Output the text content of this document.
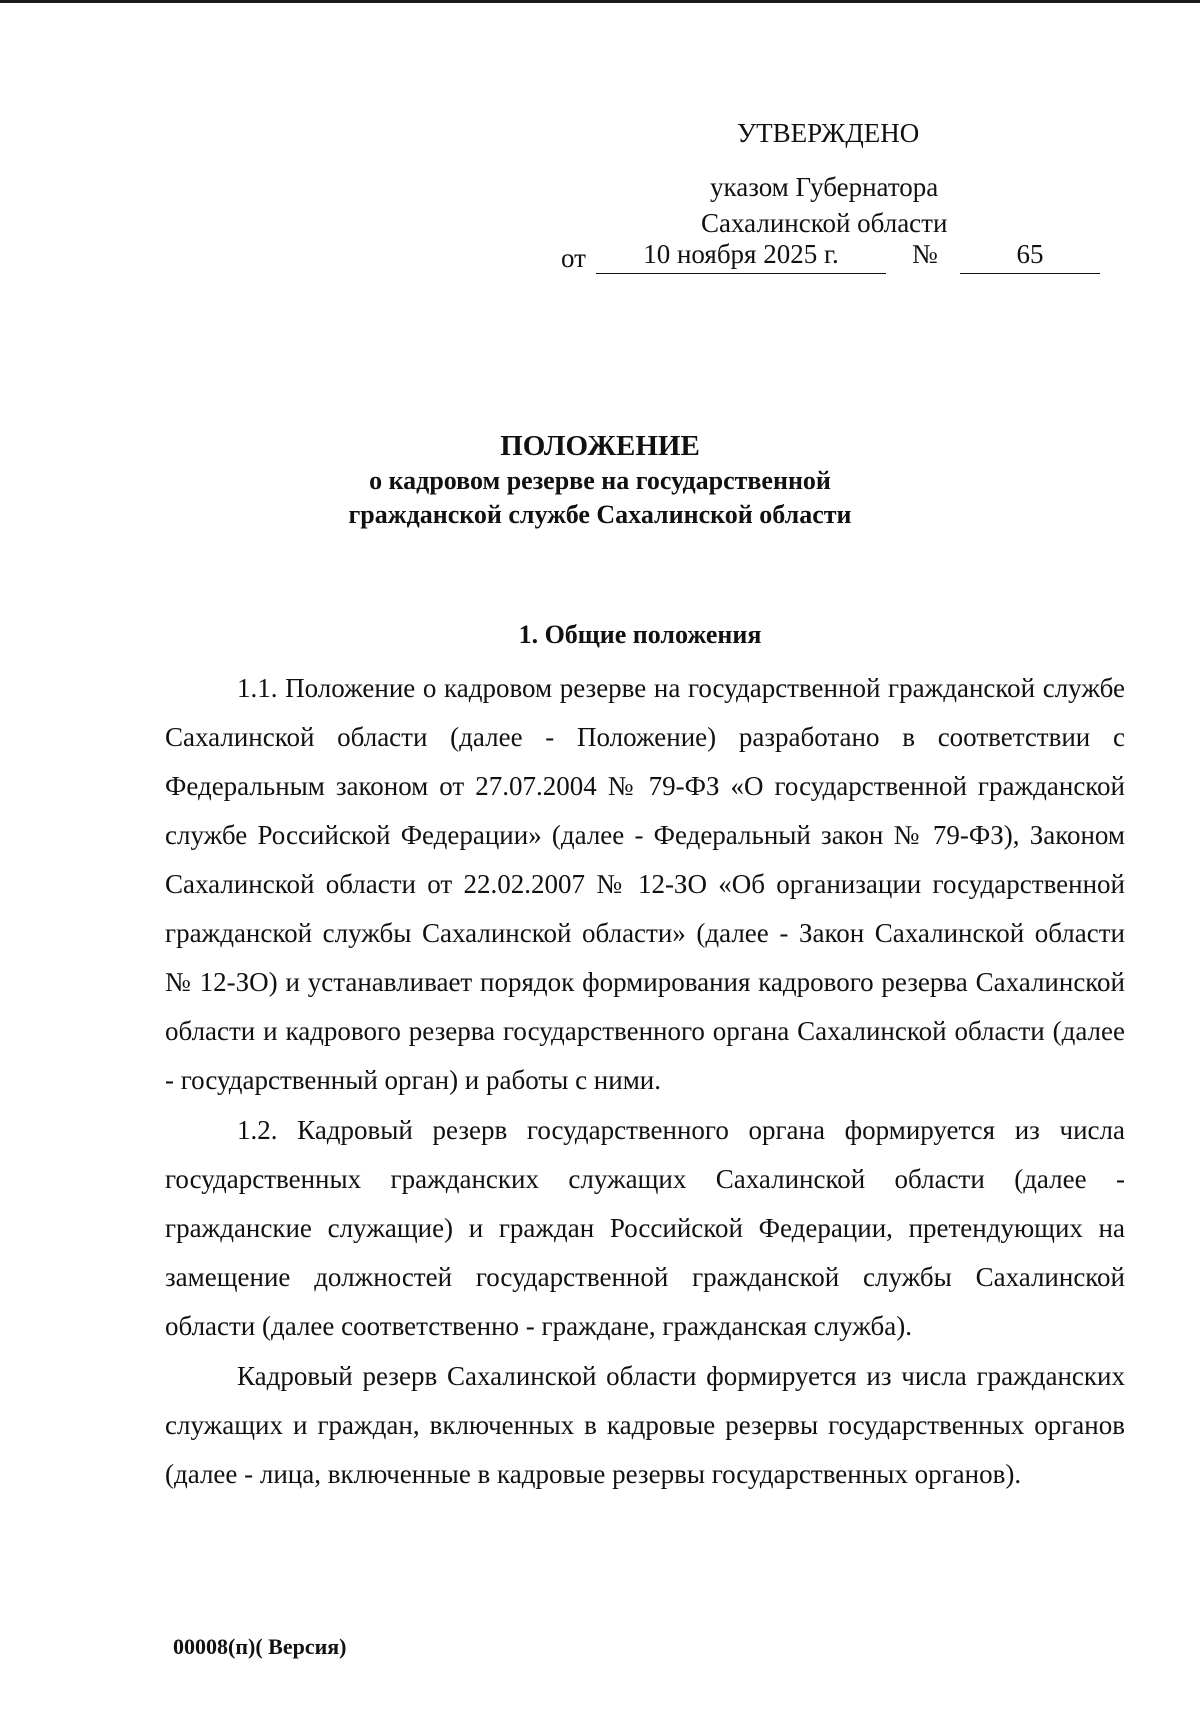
УТВЕРЖДЕНО
указом Губернатора
Сахалинской области
от	10 ноября 2025 г.	№	65
ПОЛОЖЕНИЕ
о кадровом резерве на государственной
гражданской службе Сахалинской области
1. Общие положения

1.1. Положение о кадровом резерве на государственной гражданской службе Сахалинской области (далее - Положение) разработано в соответствии с Федеральным законом от 27.07.2004 № 79-ФЗ «О государственной гражданской службе Российской Федерации» (далее - Федеральный закон № 79-ФЗ), Законом Сахалинской области от 22.02.2007 № 12-ЗО «Об организации государственной гражданской службы Сахалинской области» (далее - Закон Сахалинской области № 12-ЗО) и устанавливает порядок формирования кадрового резерва Сахалинской области и кадрового резерва государственного органа Сахалинской области (далее - государственный орган) и работы с ними.

1.2. Кадровый резерв государственного органа формируется из числа государственных гражданских служащих Сахалинской области (далее - гражданские служащие) и граждан Российской Федерации, претендующих на замещение должностей государственной гражданской службы Сахалинской области (далее соответственно - граждане, гражданская служба).

Кадровый резерв Сахалинской области формируется из числа гражданских служащих и граждан, включенных в кадровые резервы государственных органов (далее - лица, включенные в кадровые резервы государственных органов).

00008(п)( Версия)
